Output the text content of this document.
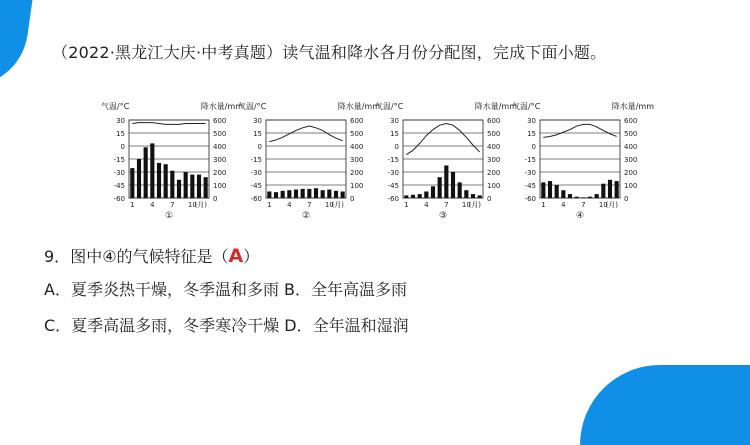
（2022·黑龙江大庆·中考真题）读气温和降水各月份分配图，完成下面小题。
气温/°C	降水量/mm
30
15
0
-15
-30
-45
-60
600
500
400
300
200
100
0
1 4 7 10
(月)
①
气温/°C	降水量/mm
30
15
0
-15
-30
-45
-60
600
500
400
300
200
100
0
1 4 7 10
(月)
②
气温/°C	降水量/mm
30
15
0
-15
-30
-45
-60
600
500
400
300
200
100
0
1 4 7 10
(月)
③
气温/°C	降水量/mm
30
15
0
-15
-30
-45
-60
600
500
400
300
200
100
0
1 4 7 10
(月)
④
9．图中④的气候特征是（A）
A．夏季炎热干燥，冬季温和多雨 B．全年高温多雨
C．夏季高温多雨，冬季寒冷干燥 D．全年温和湿润
